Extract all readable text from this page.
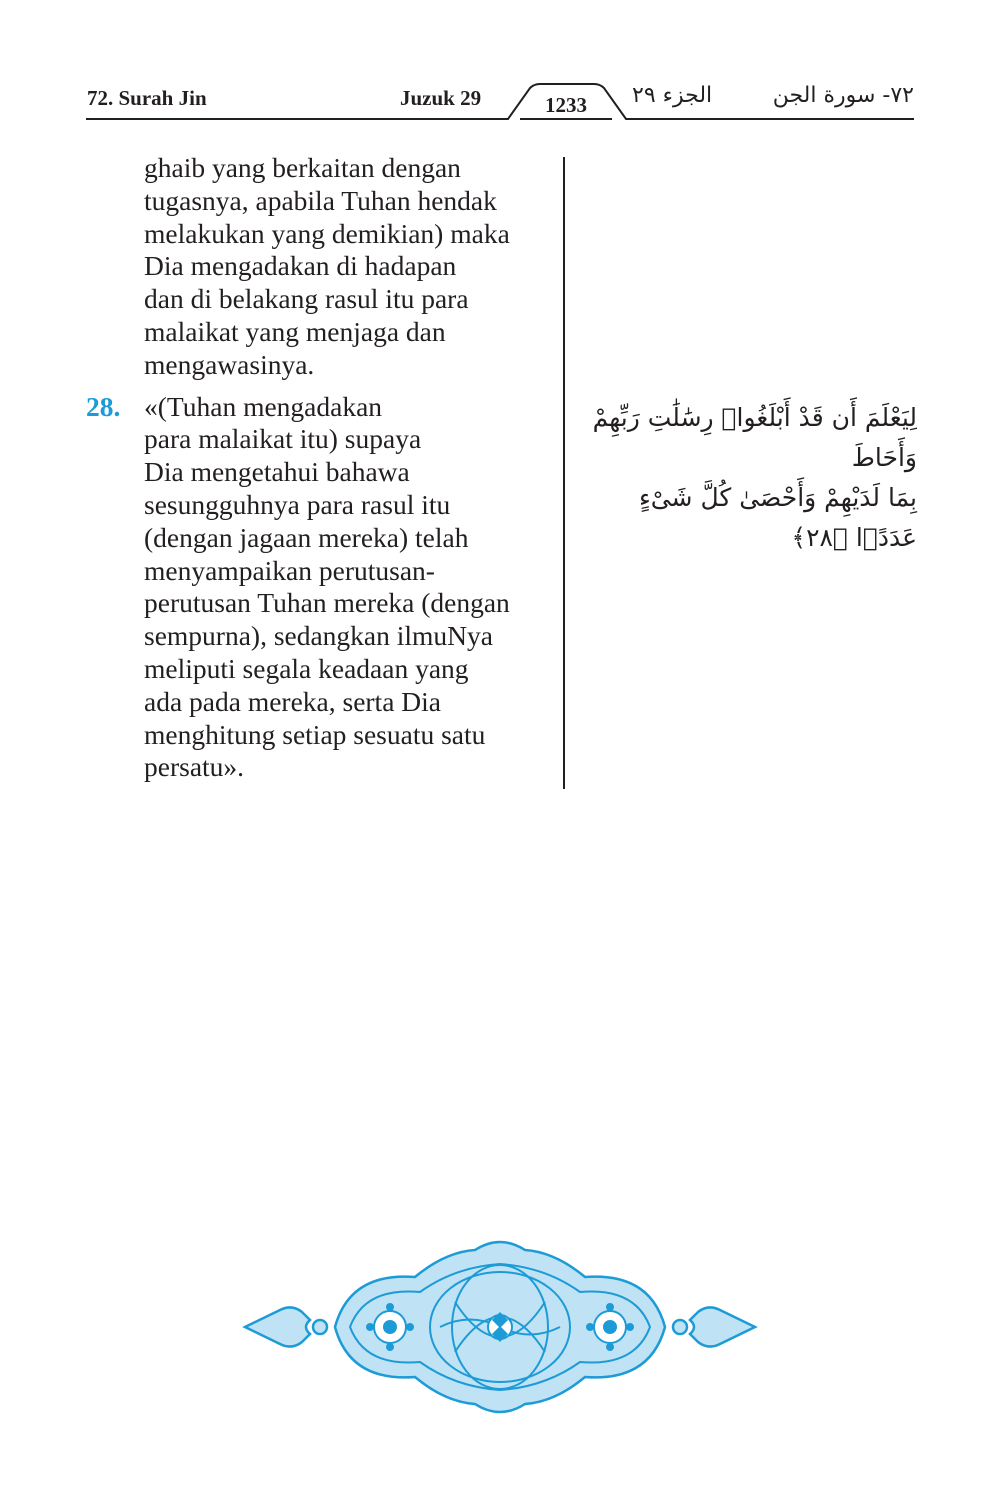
72. Surah Jin	Juzuk 29	1233	الجزء ٢٩	٧٢- سورة الجن

ghaib yang berkaitan dengan
tugasnya, apabila Tuhan hendak
melakukan yang demikian) maka
Dia mengadakan di hadapan
dan di belakang rasul itu para
malaikat yang menjaga dan
mengawasinya.

28. «(Tuhan mengadakan
para malaikat itu) supaya
Dia mengetahui bahawa
sesungguhnya para rasul itu
(dengan jagaan mereka) telah
menyampaikan perutusan-
perutusan Tuhan mereka (dengan
sempurna), sedangkan ilmuNya
meliputi segala keadaan yang
ada pada mereka, serta Dia
menghitung setiap sesuatu satu
persatu».
لِيَعْلَمَ أَن قَدْ أَبْلَغُوا۟ رِسَٰلَٰتِ رَبِّهِمْ وَأَحَاطَ
بِمَا لَدَيْهِمْ وَأَحْصَىٰ كُلَّ شَىْءٍ عَدَدًۢا ﴿٢٨﴾
